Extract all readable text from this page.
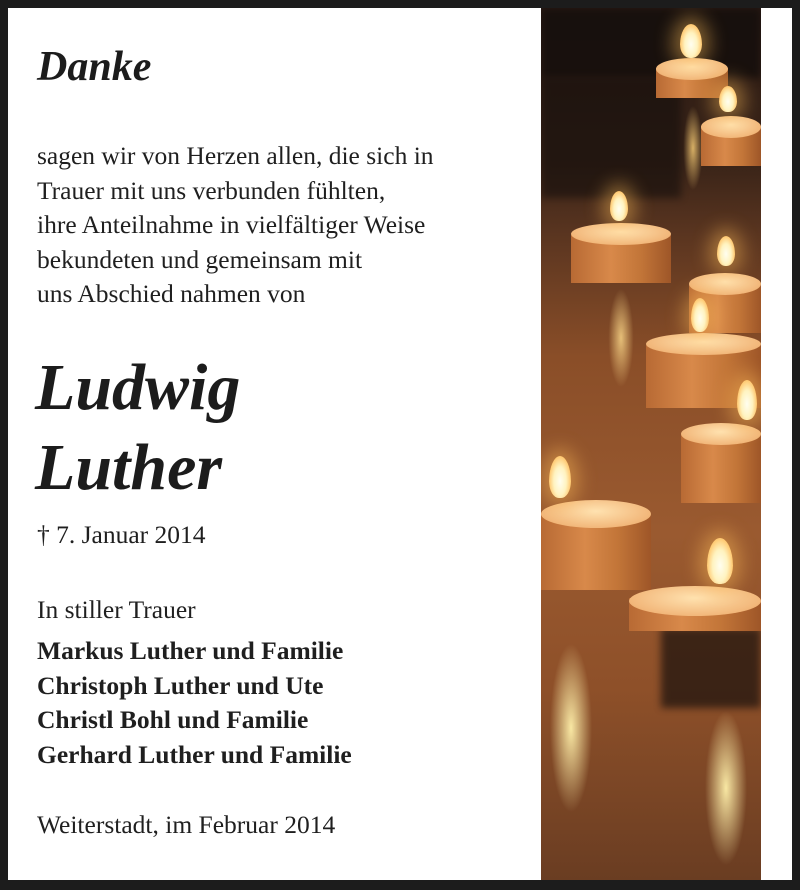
Danke
sagen wir von Herzen allen, die sich in
Trauer mit uns verbunden fühlten,
ihre Anteilnahme in vielfältiger Weise
bekundeten und gemeinsam mit
uns Abschied nahmen von
Ludwig
Luther
† 7. Januar 2014
In stiller Trauer
Markus Luther und Familie
Christoph Luther und Ute
Christl Bohl und Familie
Gerhard Luther und Familie
Weiterstadt, im Februar 2014
